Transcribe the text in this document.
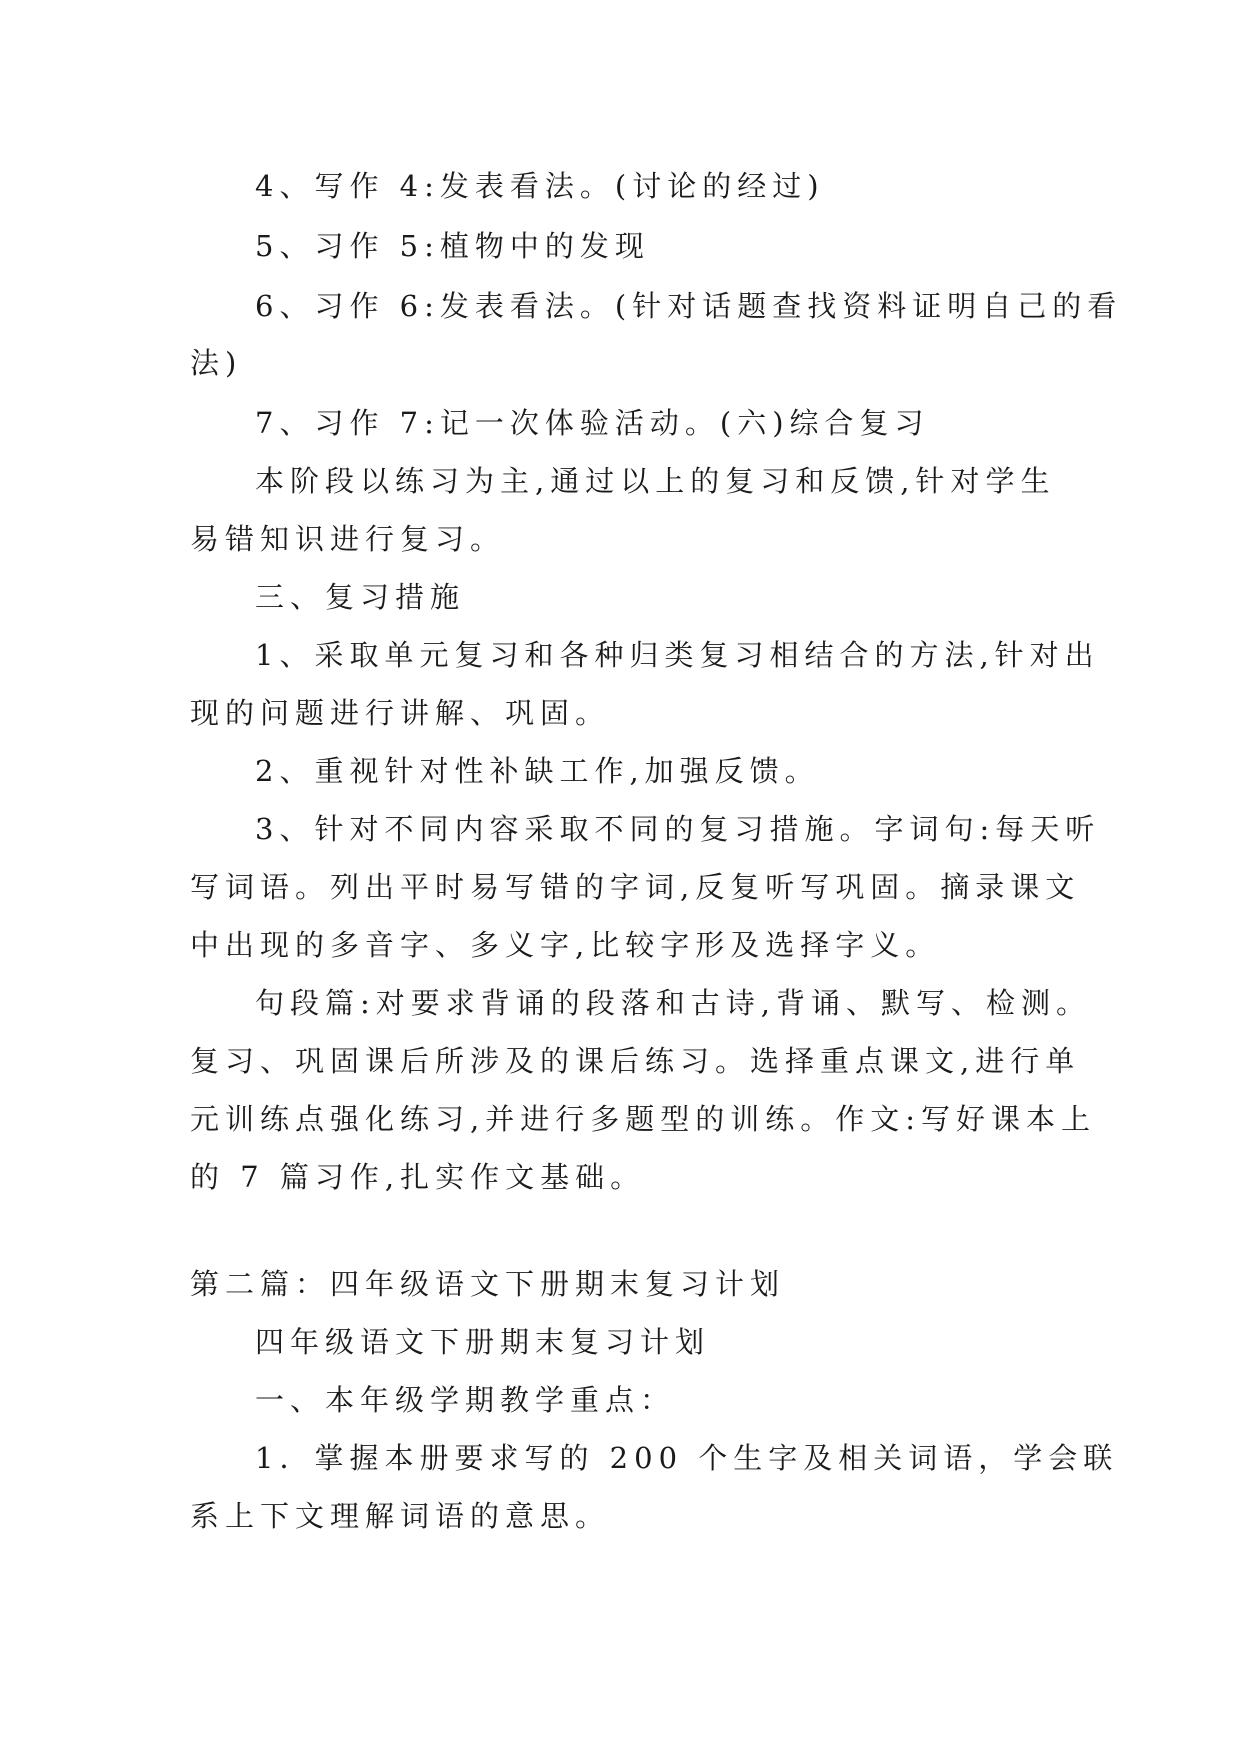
4、写作 4:发表看法。(讨论的经过)
5、习作 5:植物中的发现
6、习作 6:发表看法。(针对话题查找资料证明自己的看
法)
7、习作 7:记一次体验活动。(六)综合复习
本阶段以练习为主,通过以上的复习和反馈,针对学生
易错知识进行复习。
三、复习措施
1、采取单元复习和各种归类复习相结合的方法,针对出
现的问题进行讲解、巩固。
2、重视针对性补缺工作,加强反馈。
3、针对不同内容采取不同的复习措施。字词句:每天听
写词语。列出平时易写错的字词,反复听写巩固。摘录课文
中出现的多音字、多义字,比较字形及选择字义。
句段篇:对要求背诵的段落和古诗,背诵、默写、检测。
复习、巩固课后所涉及的课后练习。选择重点课文,进行单
元训练点强化练习,并进行多题型的训练。作文:写好课本上
的 7 篇习作,扎实作文基础。
第二篇：四年级语文下册期末复习计划
四年级语文下册期末复习计划
一、本年级学期教学重点：
1．掌握本册要求写的 200 个生字及相关词语，学会联
系上下文理解词语的意思。
